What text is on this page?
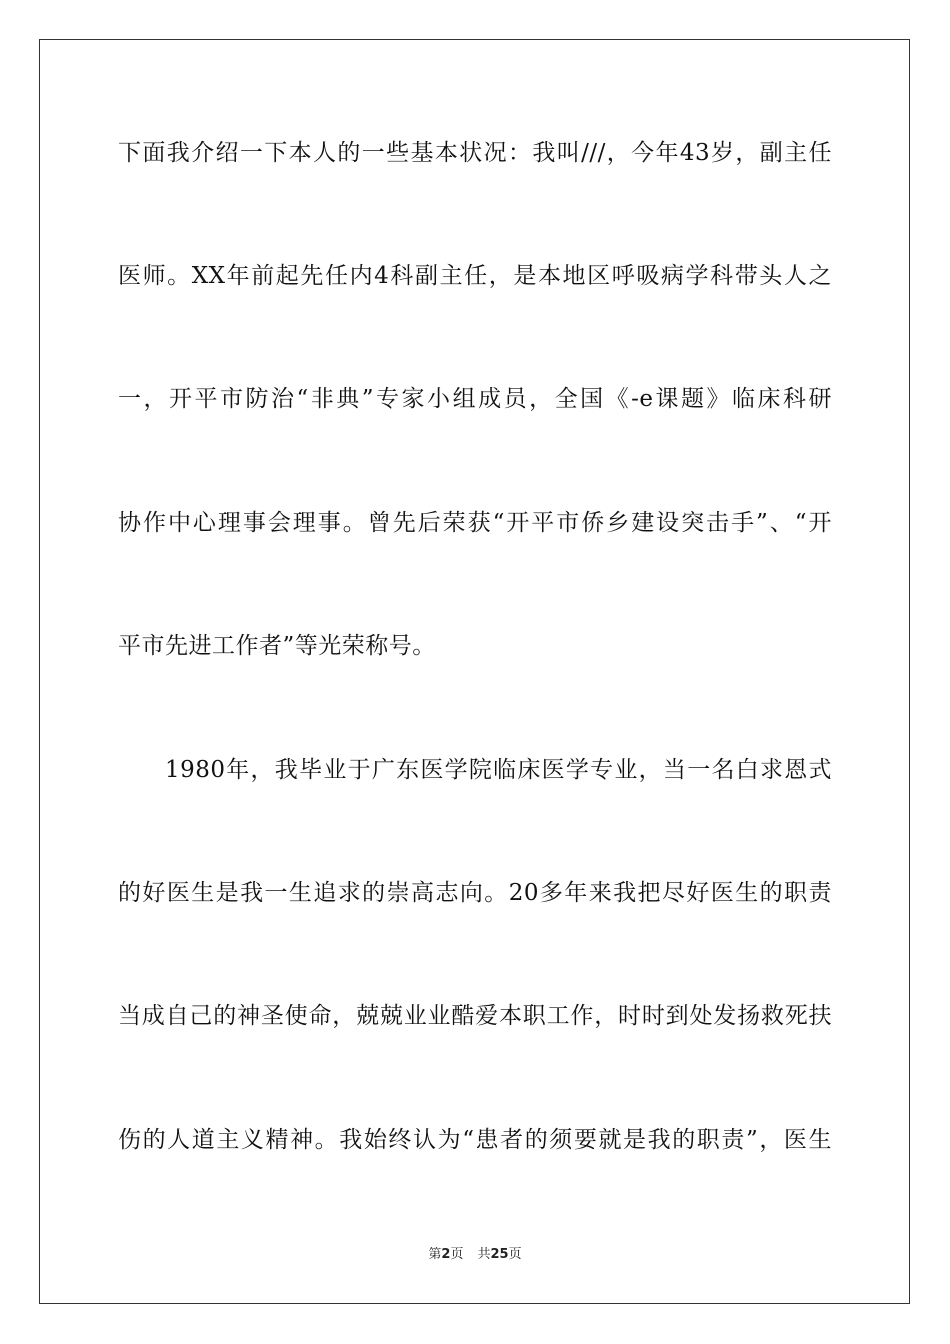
下面我介绍一下本人的一些基本状况：我叫///，今年43岁，副主任
医师。XX年前起先任内4科副主任，是本地区呼吸病学科带头人之
一，开平市防治“非典”专家小组成员，全国《-e课题》临床科研
协作中心理事会理事。曾先后荣获“开平市侨乡建设突击手”、“开
平市先进工作者”等光荣称号。
1980年，我毕业于广东医学院临床医学专业，当一名白求恩式
的好医生是我一生追求的崇高志向。20多年来我把尽好医生的职责
当成自己的神圣使命，兢兢业业酷爱本职工作，时时到处发扬救死扶
伤的人道主义精神。我始终认为“患者的须要就是我的职责”，医生
第2页 共25页
